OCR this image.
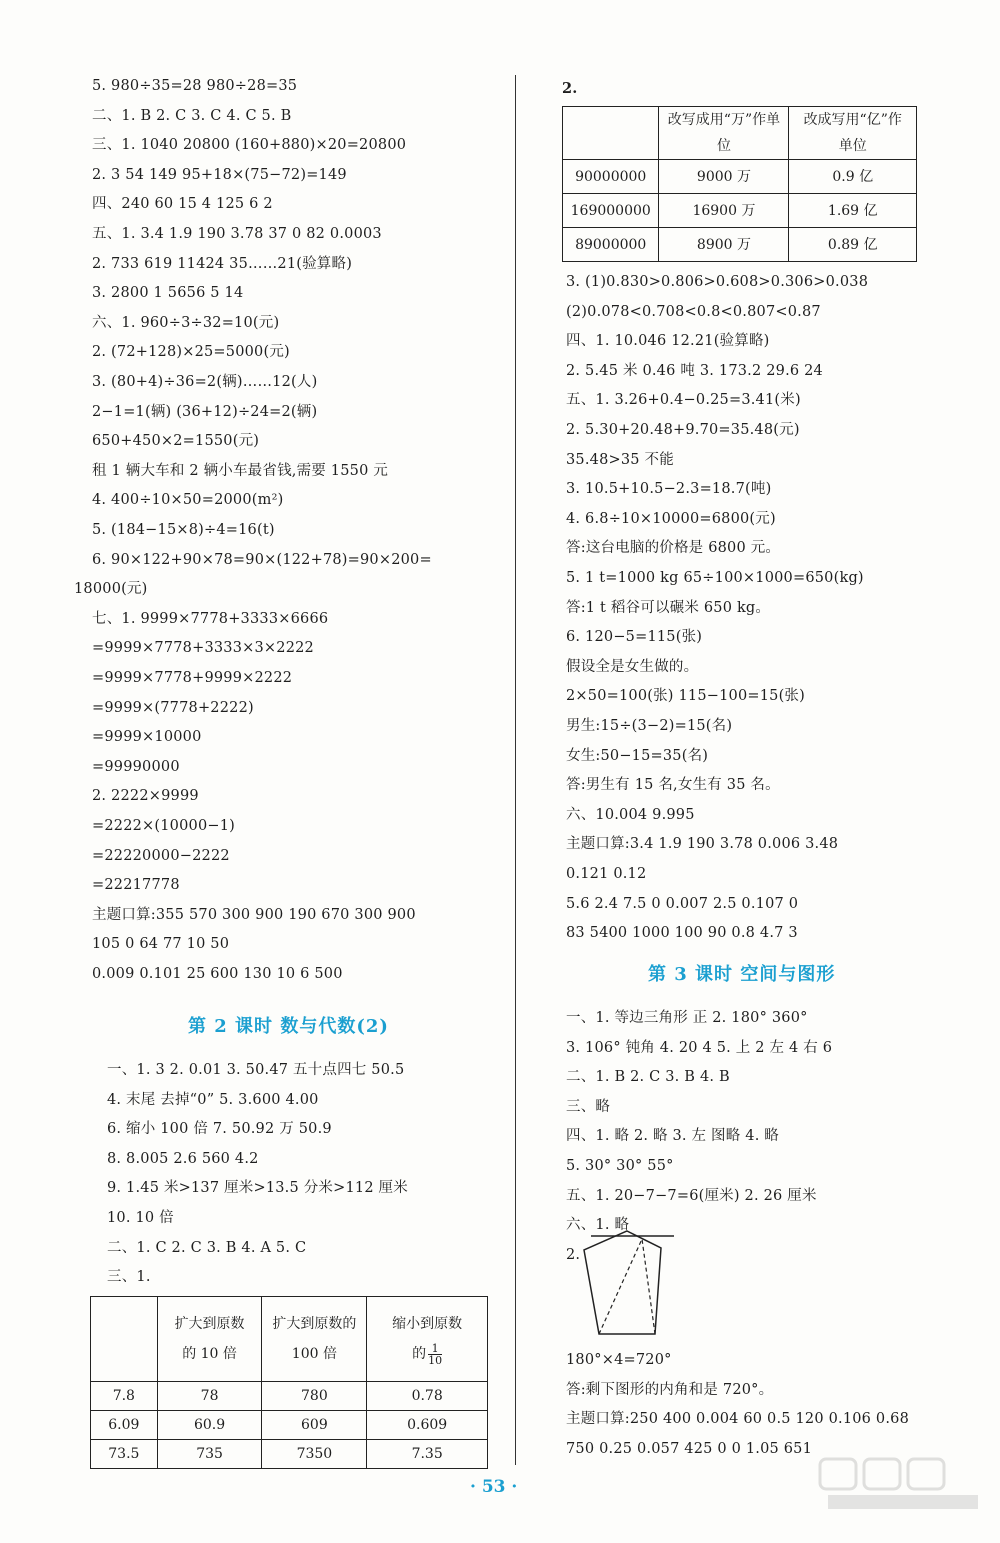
5. 980÷35=28 980÷28=35
二、1. B 2. C 3. C 4. C 5. B
三、1. 1040 20800 (160+880)×20=20800
2. 3 54 149 95+18×(75−72)=149
四、240 60 15 4 125 6 2
五、1. 3.4 1.9 190 3.78 37 0 82 0.0003
2. 733 619 11424 35……21(验算略)
3. 2800 1 5656 5 14
六、1. 960÷3÷32=10(元)
2. (72+128)×25=5000(元)
3. (80+4)÷36=2(辆)……12(人)
2−1=1(辆) (36+12)÷24=2(辆)
650+450×2=1550(元)
租 1 辆大车和 2 辆小车最省钱,需要 1550 元
4. 400÷10×50=2000(m²)
5. (184−15×8)÷4=16(t)
6. 90×122+90×78=90×(122+78)=90×200=
18000(元)
七、1. 9999×7778+3333×6666
=9999×7778+3333×3×2222
=9999×7778+9999×2222
=9999×(7778+2222)
=9999×10000
=99990000
2. 2222×9999
=2222×(10000−1)
=22220000−2222
=22217778
主题口算:355 570 300 900 190 670 300 900
105 0 64 77 10 50
0.009 0.101 25 600 130 10 6 500
第 2 课时 数与代数(2)
一、1. 3 2. 0.01 3. 50.47 五十点四七 50.5
4. 末尾 去掉“0” 5. 3.600 4.00
6. 缩小 100 倍 7. 50.92 万 50.9
8. 8.005 2.6 560 4.2
9. 1.45 米>137 厘米>13.5 分米>112 厘米
10. 10 倍
二、1. C 2. C 3. B 4. A 5. C
三、1.

	扩大到原数的 10 倍	扩大到原数的 100 倍	缩小到原数的 $\frac{1}{10}$

7.8	78	780	0.78
6.09	60.9	609	0.609
73.5	735	7350	7.35
2.

	改写成用“万”作单位	改成写用“亿”作单位

90000000	9000 万	0.9 亿
169000000	16900 万	1.69 亿
89000000	8900 万	0.89 亿
3. (1)0.830>0.806>0.608>0.306>0.038
(2)0.078<0.708<0.8<0.807<0.87
四、1. 10.046 12.21(验算略)
2. 5.45 米 0.46 吨 3. 173.2 29.6 24
五、1. 3.26+0.4−0.25=3.41(米)
2. 5.30+20.48+9.70=35.48(元)
35.48>35 不能
3. 10.5+10.5−2.3=18.7(吨)
4. 6.8÷10×10000=6800(元)
答:这台电脑的价格是 6800 元。
5. 1 t=1000 kg 65÷100×1000=650(kg)
答:1 t 稻谷可以碾米 650 kg。
6. 120−5=115(张)
假设全是女生做的。
2×50=100(张) 115−100=15(张)
男生:15÷(3−2)=15(名)
女生:50−15=35(名)
答:男生有 15 名,女生有 35 名。
六、10.004 9.995
主题口算:3.4 1.9 190 3.78 0.006 3.48
0.121 0.12
5.6 2.4 7.5 0 0.007 2.5 0.107 0
83 5400 1000 100 90 0.8 4.7 3
第 3 课时 空间与图形
一、1. 等边三角形 正 2. 180° 360°
3. 106° 钝角 4. 20 4 5. 上 2 左 4 右 6
二、1. B 2. C 3. B 4. B
三、略
四、1. 略 2. 略 3. 左 图略 4. 略
5. 30° 30° 55°
五、1. 20−7−7=6(厘米) 2. 26 厘米
六、1. 略
2.
180°×4=720°
答:剩下图形的内角和是 720°。
主题口算:250 400 0.004 60 0.5 120 0.106 0.68
750 0.25 0.057 425 0 0 1.05 651
· 53 ·
